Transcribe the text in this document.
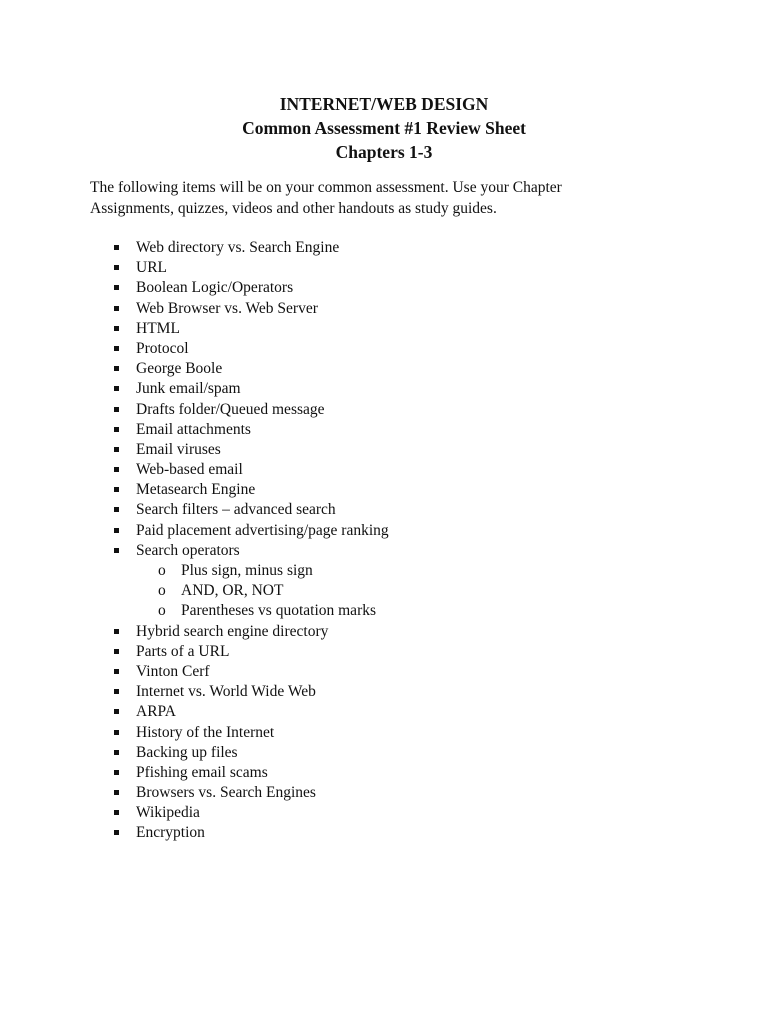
INTERNET/WEB DESIGN
Common Assessment #1 Review Sheet
Chapters 1-3
The following items will be on your common assessment. Use your Chapter
Assignments, quizzes, videos and other handouts as study guides.
Web directory vs. Search Engine
URL
Boolean Logic/Operators
Web Browser vs. Web Server
HTML
Protocol
George Boole
Junk email/spam
Drafts folder/Queued message
Email attachments
Email viruses
Web-based email
Metasearch Engine
Search filters – advanced search
Paid placement advertising/page ranking
Search operators
o Plus sign, minus sign
o AND, OR, NOT
o Parentheses vs quotation marks
Hybrid search engine directory
Parts of a URL
Vinton Cerf
Internet vs. World Wide Web
ARPA
History of the Internet
Backing up files
Pfishing email scams
Browsers vs. Search Engines
Wikipedia
Encryption
